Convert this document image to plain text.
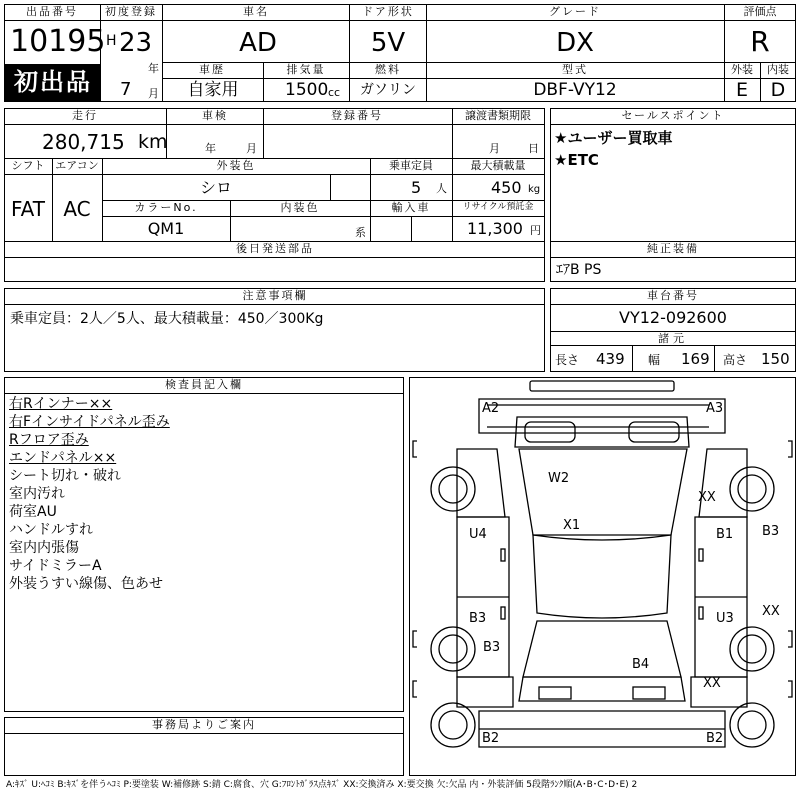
出品番号
10195
初出品
初度登録
H 23
年
7 月
車名
AD
ドア形状
5V
グレード
DX
評価点
R
車歴
自家用
排気量
1500 cc
燃料
ガソリン
型式
DBF-VY12
外装 内装
E D
走行
280,715 km
車検
年	月
登録番号	譲渡書類期限
月	日
シフト
FAT
エアコン
AC
外装色
シロ
乗車定員
5 人
最大積載量
450 kg
カラーNo.
QM1
内装色
系
輸入車	リサイクル預託金
11,300 円
後日発送部品
セールスポイント
★ユーザー買取車
★ETC
純正装備
ｴｱB PS
注意事項欄
乗車定員：2人／5人、最大積載量：450／300Kg
車台番号
VY12-092600
諸元
長さ 439 幅 169 高さ 150
検査員記入欄
右Rインナー××
右Fインサイドパネル歪み
Rフロア歪み
エンドパネル××
シート切れ・破れ
室内汚れ
荷室AU
ハンドルすれ
室内内張傷
サイドミラーA
外装うすい線傷、色あせ
事務局よりご案内
A2	A3
W2
XX
X1
U4	B1 B3
B3	U3 XX
B3
B4
XX
B2	B2
A:ｷｽﾞ U:ﾍｺﾐ B:ｷｽﾞを伴うﾍｺﾐ P:要塗装 W:補修跡 S:錆 C:腐食、穴 G:ﾌﾛﾝﾄｶﾞﾗｽ点ｷｽﾞ XX:交換済み X:要交換 欠:欠品 内・外装評価 5段階ﾗﾝｸ順(A･B･C･D･E) 2
